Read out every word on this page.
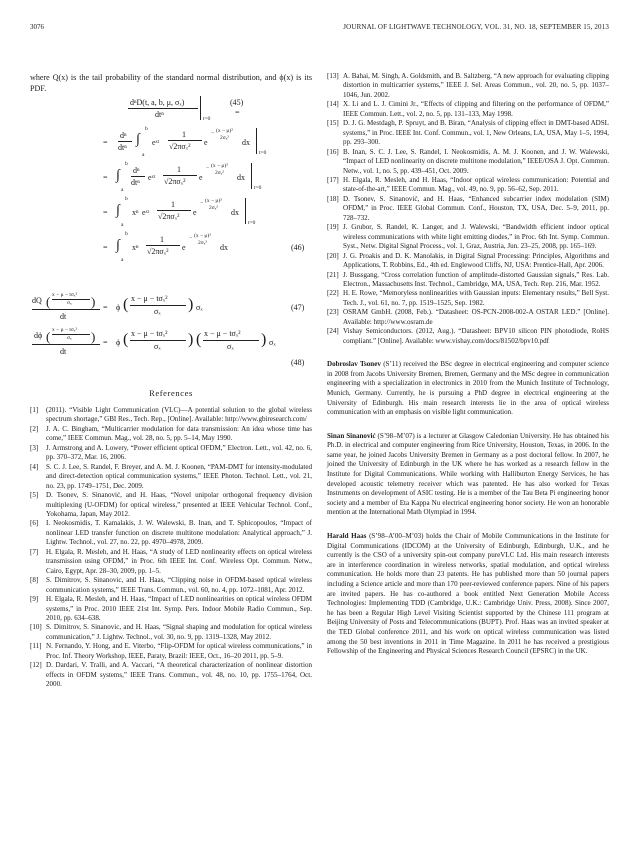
3076	JOURNAL OF LIGHTWAVE TECHNOLOGY, VOL. 31, NO. 18, SEPTEMBER 15, 2013

where Q(x) is the tail probability of the standard normal distribution, and ϕ(x) is its PDF.

dⁿD(t, a, b, μ, σₓ)
dtⁿ	t=0
(45)
=
=
dⁿ
dtⁿ
∫
b
a
eˣᵗ
1
√2πσₓ² e
− (x − μ)²
2σₓ² dx
t=0
= ∫
b
a
dⁿ
dtⁿ
eˣᵗ
1
√2πσₓ² e
− (x − μ)²
2σₓ² dx
t=0
= ∫
b
a
xⁿ eˣᵗ
1
√2πσₓ² e
− (x − μ)²
2σₓ² dx
t=0
= ∫
b
a
xⁿ
1
√2πσₓ² e
− (x − μ)²
2σₓ² dx	(46)
dQ ( x − μ − tσₓ²
σₓ )
dt
= ϕ ( x − μ − tσₓ²
σₓ ) σₓ	(47)
dϕ ( x − μ − tσₓ²
σₓ )
dt
= ϕ ( x − μ − tσₓ²
σₓ ) ( x − μ − tσₓ²
σₓ ) σₓ
(48)

References

[1] (2011). “Visible Light Communication (VLC)—A potential solution to the global wireless spectrum shortage,” GBI Res., Tech. Rep., [Online]. Available: http://www.gbiresearch.com/
[2] J. A. C. Bingham, “Multicarrier modulation for data transmission: An idea whose time has come,” IEEE Commun. Mag., vol. 28, no. 5, pp. 5–14, May 1990.
[3] J. Armstrong and A. Lowery, “Power efficient optical OFDM,” Electron. Lett., vol. 42, no. 6, pp. 370–372, Mar. 16, 2006.
[4] S. C. J. Lee, S. Randel, F. Breyer, and A. M. J. Koonen, “PAM-DMT for intensity-modulated and direct-detection optical communication systems,” IEEE Photon. Technol. Lett., vol. 21, no. 23, pp. 1749–1751, Dec. 2009.
[5] D. Tsonev, S. Sinanović, and H. Haas, “Novel unipolar orthogonal frequency division multiplexing (U-OFDM) for optical wireless,” presented at IEEE Vehicular Technol. Conf., Yokohama, Japan, May 2012.
[6] I. Neokosmidis, T. Kamalakis, J. W. Walewski, B. Inan, and T. Sphicopoulos, “Impact of nonlinear LED transfer function on discrete multitone modulation: Analytical approach,” J. Lightw. Technol., vol. 27, no. 22, pp. 4970–4978, 2009.
[7] H. Elgala, R. Mesleh, and H. Haas, “A study of LED nonlinearity effects on optical wireless transmission using OFDM,” in Proc. 6th IEEE Int. Conf. Wireless Opt. Commun. Netw., Cairo, Egypt, Apr. 28–30, 2009, pp. 1–5.
[8] S. Dimitrov, S. Sinanovic, and H. Haas, “Clipping noise in OFDM-based optical wireless communication systems,” IEEE Trans. Commun., vol. 60, no. 4, pp. 1072–1081, Apr. 2012.
[9] H. Elgala, R. Mesleh, and H. Haas, “Impact of LED nonlinearities on optical wireless OFDM systems,” in Proc. 2010 IEEE 21st Int. Symp. Pers. Indoor Mobile Radio Commun., Sep. 2010, pp. 634–638.
[10] S. Dimitrov, S. Sinanovic, and H. Haas, “Signal shaping and modulation for optical wireless communication,” J. Lightw. Technol., vol. 30, no. 9, pp. 1319–1328, May 2012.
[11] N. Fernando, Y. Hong, and E. Viterbo, “Flip-OFDM for optical wireless communications,” in Proc. Inf. Theory Workshop, IEEE, Paraty, Brazil: IEEE, Oct., 16–20 2011, pp. 5–9.
[12] D. Dardari, V. Tralli, and A. Vaccari, “A theoretical characterization of nonlinear distortion effects in OFDM systems,” IEEE Trans. Commun., vol. 48, no. 10, pp. 1755–1764, Oct. 2000.
[13] A. Bahai, M. Singh, A. Goldsmith, and B. Saltzberg, “A new approach for evaluating clipping distortion in multicarrier systems,” IEEE J. Sel. Areas Commun., vol. 20, no. 5, pp. 1037–1046, Jun. 2002.
[14] X. Li and L. J. Cimini Jr., “Effects of clipping and filtering on the performance of OFDM,” IEEE Commun. Lett., vol. 2, no. 5, pp. 131–133, May 1998.
[15] D. J. G. Mestdagh, P. Spruyt, and B. Biran, “Analysis of clipping effect in DMT-based ADSL systems,” in Proc. IEEE Int. Conf. Commun., vol. 1, New Orleans, LA, USA, May 1–5, 1994, pp. 293–300.
[16] B. Inan, S. C. J. Lee, S. Randel, I. Neokosmidis, A. M. J. Koonen, and J. W. Walewski, “Impact of LED nonlinearity on discrete multitone modulation,” IEEE/OSA J. Opt. Commun. Netw., vol. 1, no. 5, pp. 439–451, Oct. 2009.
[17] H. Elgala, R. Mesleh, and H. Haas, “Indoor optical wireless communication: Potential and state-of-the-art,” IEEE Commun. Mag., vol. 49, no. 9, pp. 56–62, Sep. 2011.
[18] D. Tsonev, S. Sinanović, and H. Haas, “Enhanced subcarrier index modulation (SIM) OFDM,” in Proc. IEEE Global Commun. Conf., Houston, TX, USA, Dec. 5–9, 2011, pp. 728–732.
[19] J. Grubor, S. Randel, K. Langer, and J. Walewski, “Bandwidth efficient indoor optical wireless communications with white light emitting diodes,” in Proc. 6th Int. Symp. Commun. Syst., Netw. Digital Signal Process., vol. 1, Graz, Austria, Jun. 23–25, 2008, pp. 165–169.
[20] J. G. Proakis and D. K. Manolakis, in Digital Signal Processing: Principles, Algorithms and Applications, T. Robbins, Ed., 4th ed. Englewood Cliffs, NJ, USA: Prentice-Hall, Apr. 2006.
[21] J. Bussgang, “Cross correlation function of amplitude-distorted Gaussian signals,” Res. Lab. Electron., Massachusetts Inst. Technol., Cambridge, MA, USA, Tech. Rep. 216, Mar. 1952.
[22] H. E. Rowe, “Memoryless nonlinearities with Gaussian inputs: Elementary results,” Bell Syst. Tech. J., vol. 61, no. 7, pp. 1519–1525, Sep. 1982.
[23] OSRAM GmbH. (2008, Feb.). “Datasheet: OS-PCN-2008-002-A OSTAR LED.” [Online]. Available: http://www.osram.de
[24] Vishay Semiconductors. (2012, Aug.). “Datasheet: BPV10 silicon PIN photodiode, RoHS compliant.” [Online]. Available: www.vishay.com/docs/81502/bpv10.pdf

Dobroslav Tsonev (S’11) received the BSc degree in electrical engineering and computer science in 2008 from Jacobs University Bremen, Bremen, Germany and the MSc degree in communication engineering with a specialization in electronics in 2010 from the Munich Institute of Technology, Munich, Germany. Currently, he is pursuing a PhD degree in electrical engineering at the University of Edinburgh. His main research interests lie in the area of optical wireless communication with an emphasis on visible light communication.

Sinan Sinanović (S’98–M’07) is a lecturer at Glasgow Caledonian University. He has obtained his Ph.D. in electrical and computer engineering from Rice University, Houston, Texas, in 2006. In the same year, he joined Jacobs University Bremen in Germany as a post doctoral fellow. In 2007, he joined the University of Edinburgh in the UK where he has worked as a research fellow in the Institute for Digital Communications. While working with Halliburton Energy Services, he has developed acoustic telemetry receiver which was patented. He has also worked for Texas Instruments on development of ASIC testing. He is a member of the Tau Beta Pi engineering honor society and a member of Eta Kappa Nu electrical engineering honor society. He won an honorable mention at the International Math Olympiad in 1994.

Harald Haas (S’98–A’00–M’03) holds the Chair of Mobile Communications in the Institute for Digital Communications (IDCOM) at the University of Edinburgh, Edinburgh, U.K., and he currently is the CSO of a university spin-out company pureVLC Ltd. His main research interests are in interference coordination in wireless networks, spatial modulation, and optical wireless communication. He holds more than 23 patents. He has published more than 50 journal papers including a Science article and more than 170 peer-reviewed conference papers. Nine of his papers are invited papers. He has co-authored a book entitled Next Generation Mobile Access Technologies: Implementing TDD (Cambridge, U.K.: Cambridge Univ. Press, 2008). Since 2007, he has been a Regular High Level Visiting Scientist supported by the Chinese 111 program at Beijing University of Posts and Telecommunications (BUPT). Prof. Haas was an invited speaker at the TED Global conference 2011, and his work on optical wireless communication was listed among the 50 best inventions in 2011 in Time Magazine. In 2011 he has received a prestigious Fellowship of the Engineering and Physical Sciences Research Council (EPSRC) in the UK.
